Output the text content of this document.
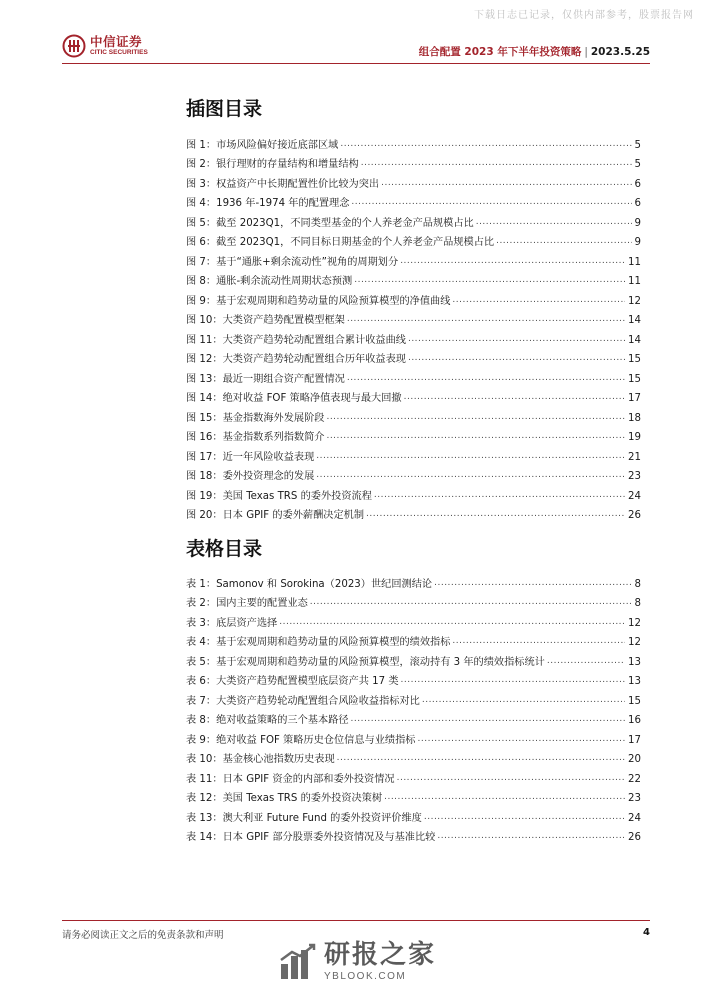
下载日志已记录，仅供内部参考，股票报告网
中信证券
CITIC SECURITIES	组合配置 2023 年下半年投资策略 | 2023.5.25
插图目录
图 1：市场风险偏好接近底部区域 .....	5
图 2：银行理财的存量结构和增量结构 .....	5
图 3：权益资产中长期配置性价比较为突出 .....	6
图 4：1936 年-1974 年的配置理念 .....	6
图 5：截至 2023Q1，不同类型基金的个人养老金产品规模占比 .....	9
图 6：截至 2023Q1，不同目标日期基金的个人养老金产品规模占比 .....	9
图 7：基于“通胀+剩余流动性”视角的周期划分 .....	11
图 8：通胀-剩余流动性周期状态预测 .....	11
图 9：基于宏观周期和趋势动量的风险预算模型的净值曲线 .....	12
图 10：大类资产趋势配置模型框架 .....	14
图 11：大类资产趋势轮动配置组合累计收益曲线 .....	14
图 12：大类资产趋势轮动配置组合历年收益表现 .....	15
图 13：最近一期组合资产配置情况 .....	15
图 14：绝对收益 FOF 策略净值表现与最大回撤 .....	17
图 15：基金指数海外发展阶段 .....	18
图 16：基金指数系列指数简介 .....	19
图 17：近一年风险收益表现 .....	21
图 18：委外投资理念的发展 .....	23
图 19：美国 Texas TRS 的委外投资流程 .....	24
图 20：日本 GPIF 的委外薪酬决定机制 .....	26
表格目录
表 1：Samonov 和 Sorokina（2023）世纪回测结论 .....	8
表 2：国内主要的配置业态 .....	8
表 3：底层资产选择 .....	12
表 4：基于宏观周期和趋势动量的风险预算模型的绩效指标 .....	12
表 5：基于宏观周期和趋势动量的风险预算模型，滚动持有 3 年的绩效指标统计 .....	13
表 6：大类资产趋势配置模型底层资产共 17 类 .....	13
表 7：大类资产趋势轮动配置组合风险收益指标对比 .....	15
表 8：绝对收益策略的三个基本路径 .....	16
表 9：绝对收益 FOF 策略历史仓位信息与业绩指标 .....	17
表 10：基金核心池指数历史表现 .....	20
表 11：日本 GPIF 资金的内部和委外投资情况 .....	22
表 12：美国 Texas TRS 的委外投资决策树 .....	23
表 13：澳大利亚 Future Fund 的委外投资评价维度 .....	24
表 14：日本 GPIF 部分股票委外投资情况及与基准比较 .....	26
请务必阅读正文之后的免责条款和声明	4
研报之家
YBLOOK.COM
